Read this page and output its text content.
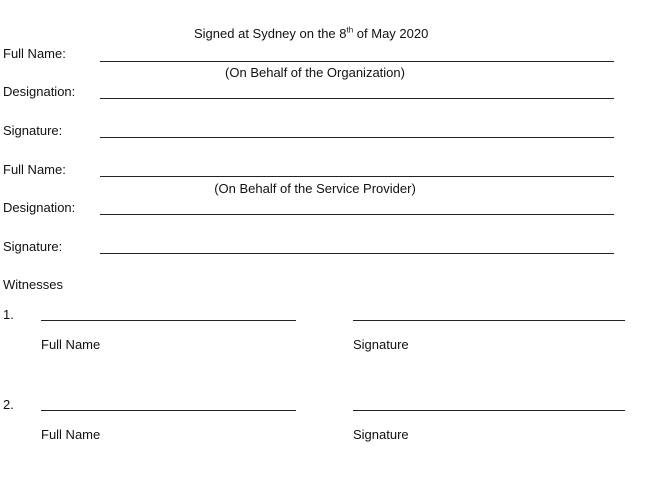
Signed at Sydney on the 8th of May 2020
Full Name:
(On Behalf of the Organization)
Designation:
Signature:
Full Name:
(On Behalf of the Service Provider)
Designation:
Signature:
Witnesses
1.
Full Name	Signature
2.
Full Name	Signature
